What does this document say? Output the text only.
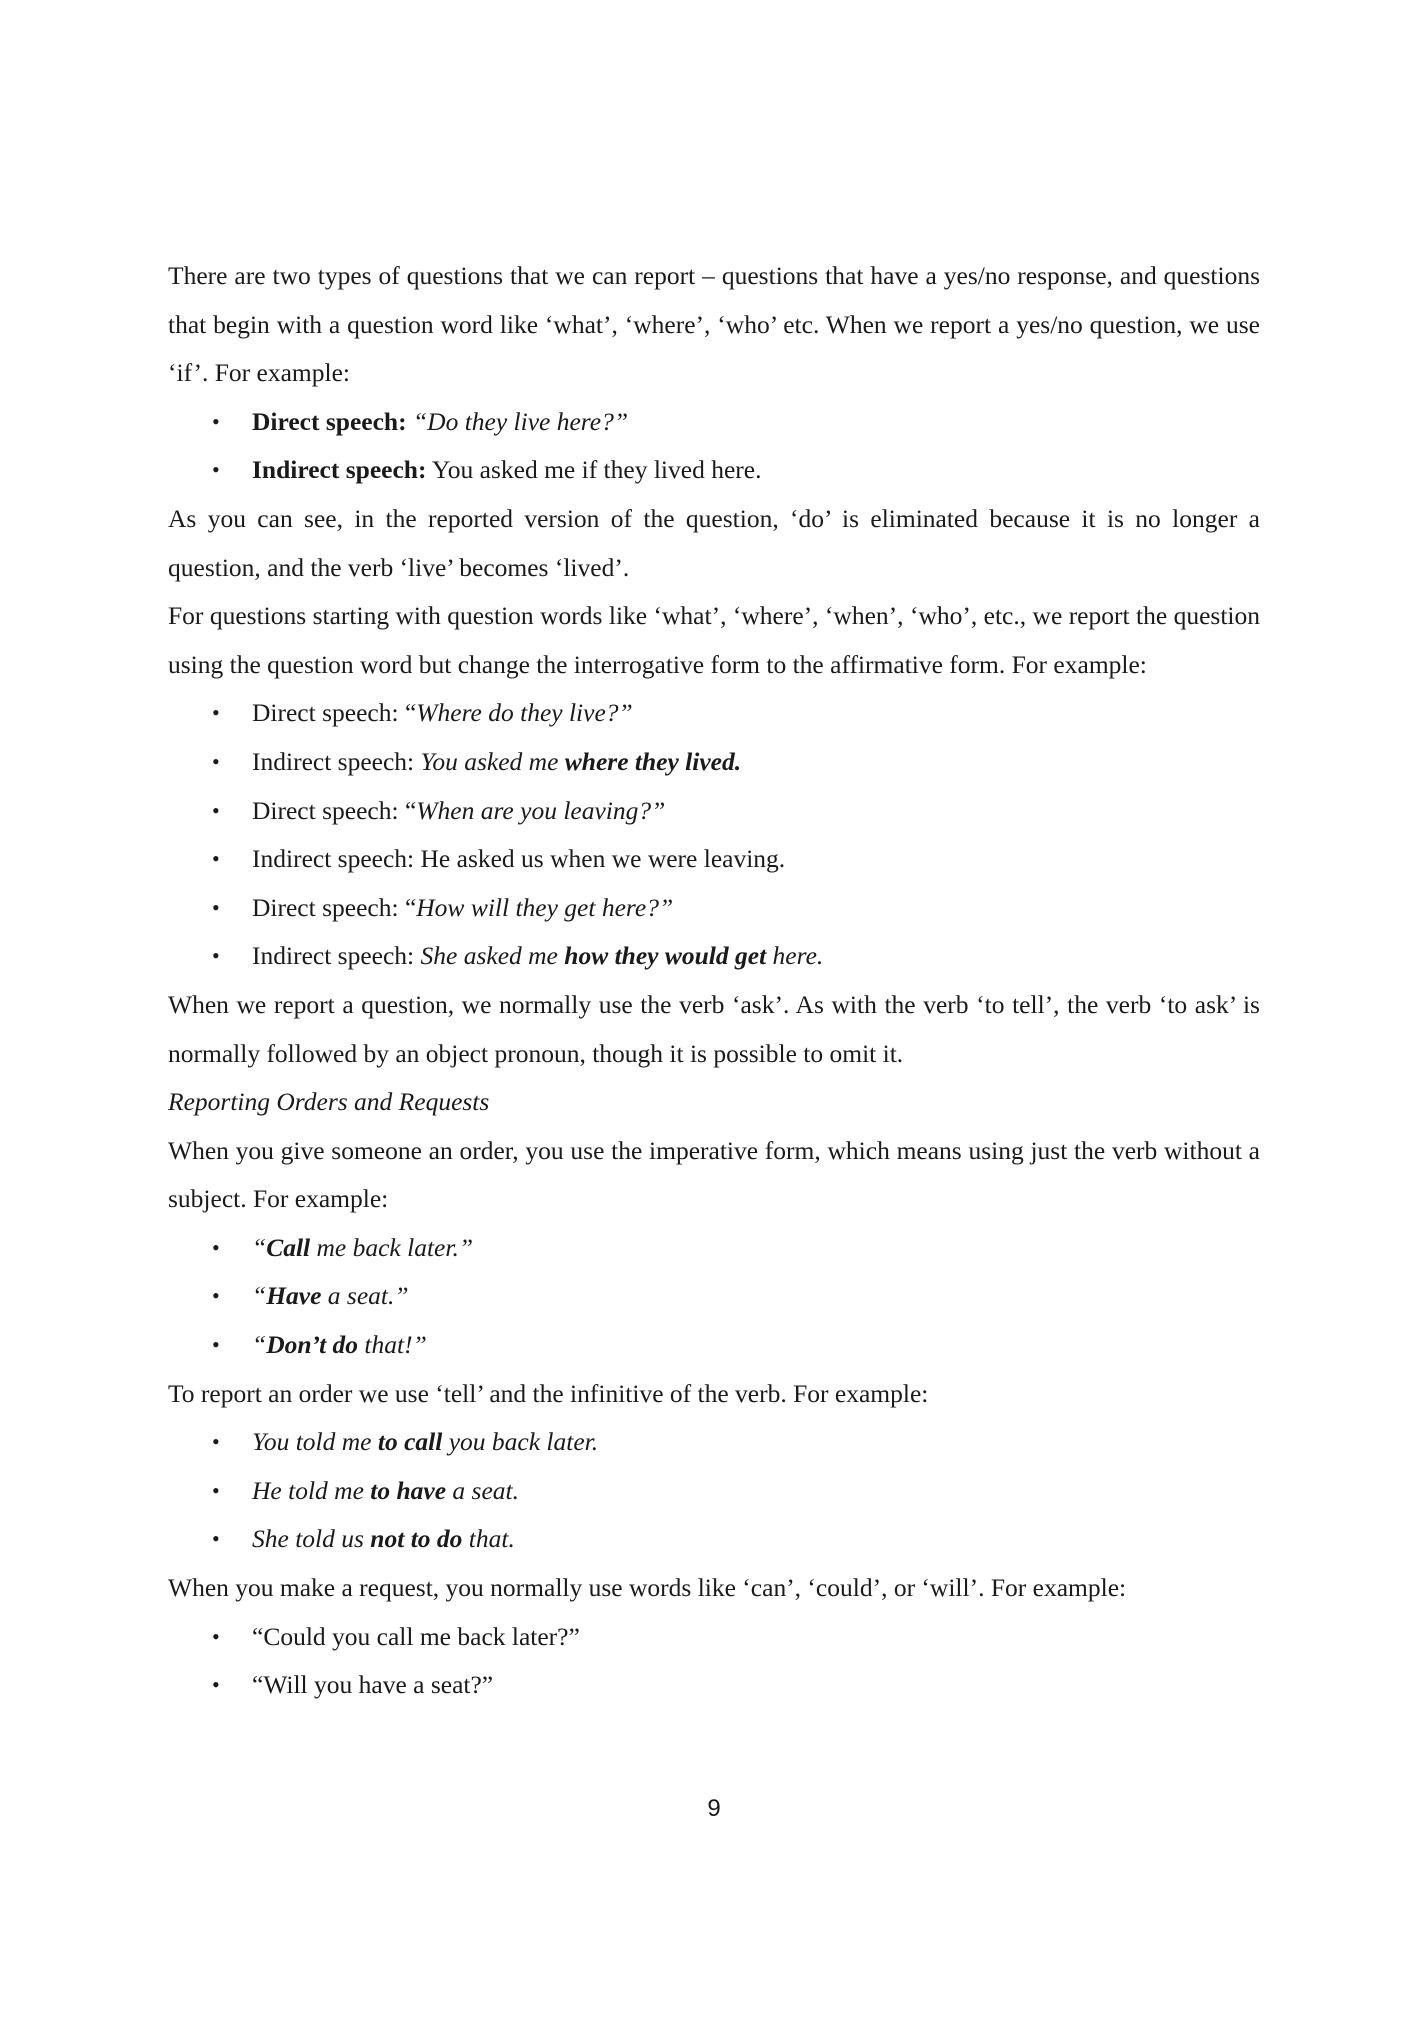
There are two types of questions that we can report – questions that have a yes/no response, and questions that begin with a question word like ‘what’, ‘where’, ‘who’ etc. When we report a yes/no question, we use ‘if’. For example:

• Direct speech: “Do they live here?”
• Indirect speech: You asked me if they lived here.

As you can see, in the reported version of the question, ‘do’ is eliminated because it is no longer a question, and the verb ‘live’ becomes ‘lived’.

For questions starting with question words like ‘what’, ‘where’, ‘when’, ‘who’, etc., we report the question using the question word but change the interrogative form to the affirmative form. For example:

• Direct speech: “Where do they live?”
• Indirect speech: You asked me where they lived.
• Direct speech: “When are you leaving?”
• Indirect speech: He asked us when we were leaving.
• Direct speech: “How will they get here?”
• Indirect speech: She asked me how they would get here.

When we report a question, we normally use the verb ‘ask’. As with the verb ‘to tell’, the verb ‘to ask’ is normally followed by an object pronoun, though it is possible to omit it.

Reporting Orders and Requests

When you give someone an order, you use the imperative form, which means using just the verb without a subject. For example:

• “Call me back later.”
• “Have a seat.”
• “Don’t do that!”

To report an order we use ‘tell’ and the infinitive of the verb. For example:

• You told me to call you back later.
• He told me to have a seat.
• She told us not to do that.

When you make a request, you normally use words like ‘can’, ‘could’, or ‘will’. For example:

• “Could you call me back later?”
• “Will you have a seat?”
9
